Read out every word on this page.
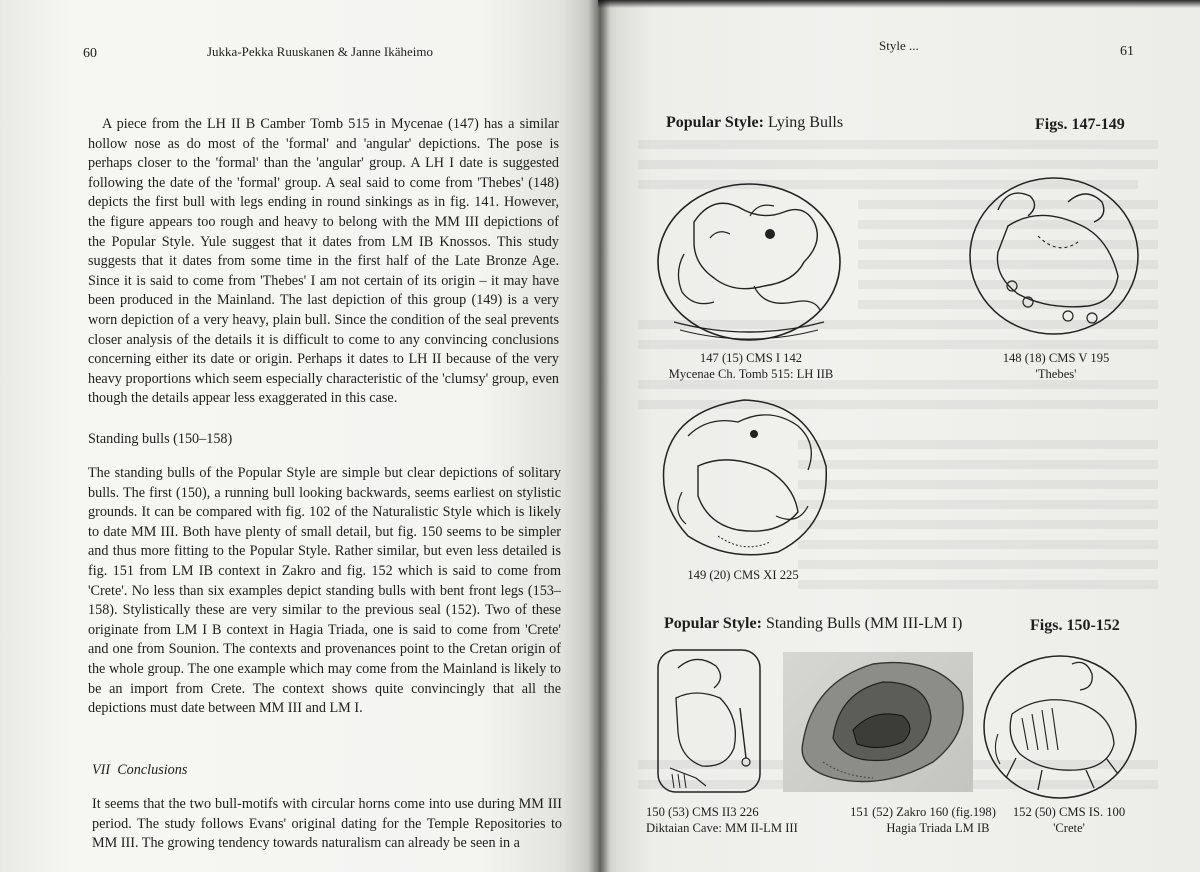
60	Jukka-Pekka Ruuskanen & Janne Ikäheimo

A piece from the LH II B Camber Tomb 515 in Mycenae (147) has a similar hollow nose as do most of the 'formal' and 'angular' depictions. The pose is perhaps closer to the 'formal' than the 'angular' group. A LH I date is suggested following the date of the 'formal' group. A seal said to come from 'Thebes' (148) depicts the first bull with legs ending in round sinkings as in fig. 141. However, the figure appears too rough and heavy to belong with the MM III depictions of the Popular Style. Yule suggest that it dates from LM IB Knossos. This study suggests that it dates from some time in the first half of the Late Bronze Age. Since it is said to come from 'Thebes' I am not certain of its origin – it may have been produced in the Mainland. The last depiction of this group (149) is a very worn depiction of a very heavy, plain bull. Since the condition of the seal prevents closer analysis of the details it is difficult to come to any convincing conclusions concerning either its date or origin. Perhaps it dates to LH II because of the very heavy proportions which seem especially characteristic of the 'clumsy' group, even though the details appear less exaggerated in this case.

Standing bulls (150–158)

The standing bulls of the Popular Style are simple but clear depictions of solitary bulls. The first (150), a running bull looking backwards, seems earliest on stylistic grounds. It can be compared with fig. 102 of the Naturalistic Style which is likely to date MM III. Both have plenty of small detail, but fig. 150 seems to be simpler and thus more fitting to the Popular Style. Rather similar, but even less detailed is fig. 151 from LM IB context in Zakro and fig. 152 which is said to come from 'Crete'. No less than six examples depict standing bulls with bent front legs (153–158). Stylistically these are very similar to the previous seal (152). Two of these originate from LM I B context in Hagia Triada, one is said to come from 'Crete' and one from Sounion. The contexts and provenances point to the Cretan origin of the whole group. The one example which may come from the Mainland is likely to be an import from Crete. The context shows quite convincingly that all the depictions must date between MM III and LM I.

VII  Conclusions

It seems that the two bull-motifs with circular horns come into use during MM III period. The study follows Evans' original dating for the Temple Repositories to MM III. The growing tendency towards naturalism can already be seen in a

Style ...	61
Popular Style: Lying Bulls	Figs. 147-149
147 (15) CMS I 142
Mycenae Ch. Tomb 515: LH IIB
148 (18) CMS V 195
'Thebes'
149 (20) CMS XI 225
Popular Style: Standing Bulls (MM III-LM I)	Figs. 150-152
150 (53) CMS II3 226
Diktaian Cave: MM II-LM III
151 (52) Zakro 160 (fig.198)
Hagia Triada LM IB
152 (50) CMS IS. 100
'Crete'
